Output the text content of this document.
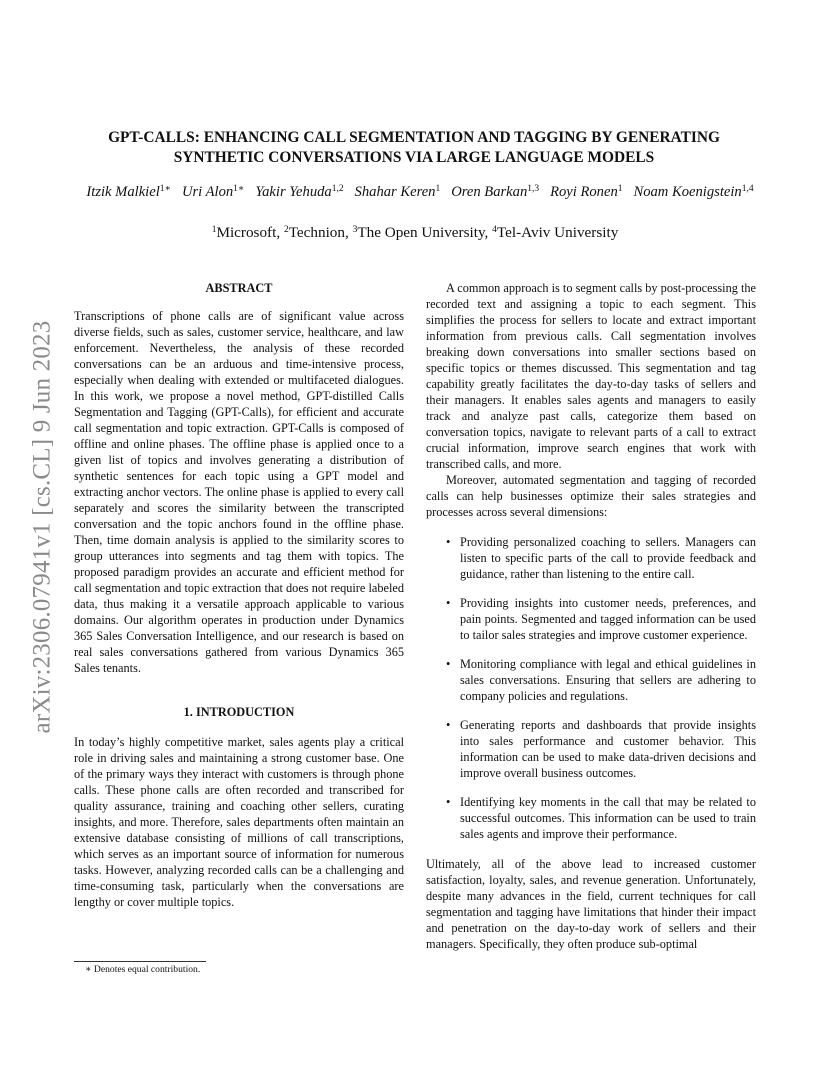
arXiv:2306.07941v1 [cs.CL] 9 Jun 2023
GPT-CALLS: ENHANCING CALL SEGMENTATION AND TAGGING BY GENERATING
SYNTHETIC CONVERSATIONS VIA LARGE LANGUAGE MODELS
Itzik Malkiel$^{1∗}$ Uri Alon$^{1∗}$ Yakir Yehuda$^{1,2}$ Shahar Keren$^1$ Oren Barkan$^{1,3}$ Royi Ronen$^1$ Noam Koenigstein$^{1,4}$
$^1$Microsoft, $^2$Technion, $^3$The Open University, $^4$Tel-Aviv University

ABSTRACT

Transcriptions of phone calls are of significant value across diverse fields, such as sales, customer service, healthcare, and law enforcement. Nevertheless, the analysis of these recorded conversations can be an arduous and time-intensive process, especially when dealing with extended or multifaceted dialogues. In this work, we propose a novel method, GPT-distilled Calls Segmentation and Tagging (GPT-Calls), for efficient and accurate call segmentation and topic extraction. GPT-Calls is composed of offline and online phases. The offline phase is applied once to a given list of topics and involves generating a distribution of synthetic sentences for each topic using a GPT model and extracting anchor vectors. The online phase is applied to every call separately and scores the similarity between the transcripted conversation and the topic anchors found in the offline phase. Then, time domain analysis is applied to the similarity scores to group utterances into segments and tag them with topics. The proposed paradigm provides an accurate and efficient method for call segmentation and topic extraction that does not require labeled data, thus making it a versatile approach applicable to various domains. Our algorithm operates in production under Dynamics 365 Sales Conversation Intelligence, and our research is based on real sales conversations gathered from various Dynamics 365 Sales tenants.

1. INTRODUCTION

In today’s highly competitive market, sales agents play a critical role in driving sales and maintaining a strong customer base. One of the primary ways they interact with customers is through phone calls. These phone calls are often recorded and transcribed for quality assurance, training and coaching other sellers, curating insights, and more. Therefore, sales departments often maintain an extensive database consisting of millions of call transcriptions, which serves as an important source of information for numerous tasks. However, analyzing recorded calls can be a challenging and time-consuming task, particularly when the conversations are lengthy or cover multiple topics.

∗ Denotes equal contribution.

A common approach is to segment calls by post-processing the recorded text and assigning a topic to each segment. This simplifies the process for sellers to locate and extract important information from previous calls. Call segmentation involves breaking down conversations into smaller sections based on specific topics or themes discussed. This segmentation and tag capability greatly facilitates the day-to-day tasks of sellers and their managers. It enables sales agents and managers to easily track and analyze past calls, categorize them based on conversation topics, navigate to relevant parts of a call to extract crucial information, improve search engines that work with transcribed calls, and more.

Moreover, automated segmentation and tagging of recorded calls can help businesses optimize their sales strategies and processes across several dimensions:

• Providing personalized coaching to sellers. Managers can listen to specific parts of the call to provide feedback and guidance, rather than listening to the entire call.
• Providing insights into customer needs, preferences, and pain points. Segmented and tagged information can be used to tailor sales strategies and improve customer experience.
• Monitoring compliance with legal and ethical guidelines in sales conversations. Ensuring that sellers are adhering to company policies and regulations.
• Generating reports and dashboards that provide insights into sales performance and customer behavior. This information can be used to make data-driven decisions and improve overall business outcomes.
• Identifying key moments in the call that may be related to successful outcomes. This information can be used to train sales agents and improve their performance.

Ultimately, all of the above lead to increased customer satisfaction, loyalty, sales, and revenue generation. Unfortunately, despite many advances in the field, current techniques for call segmentation and tagging have limitations that hinder their impact and penetration on the day-to-day work of sellers and their managers. Specifically, they often produce sub-optimal
